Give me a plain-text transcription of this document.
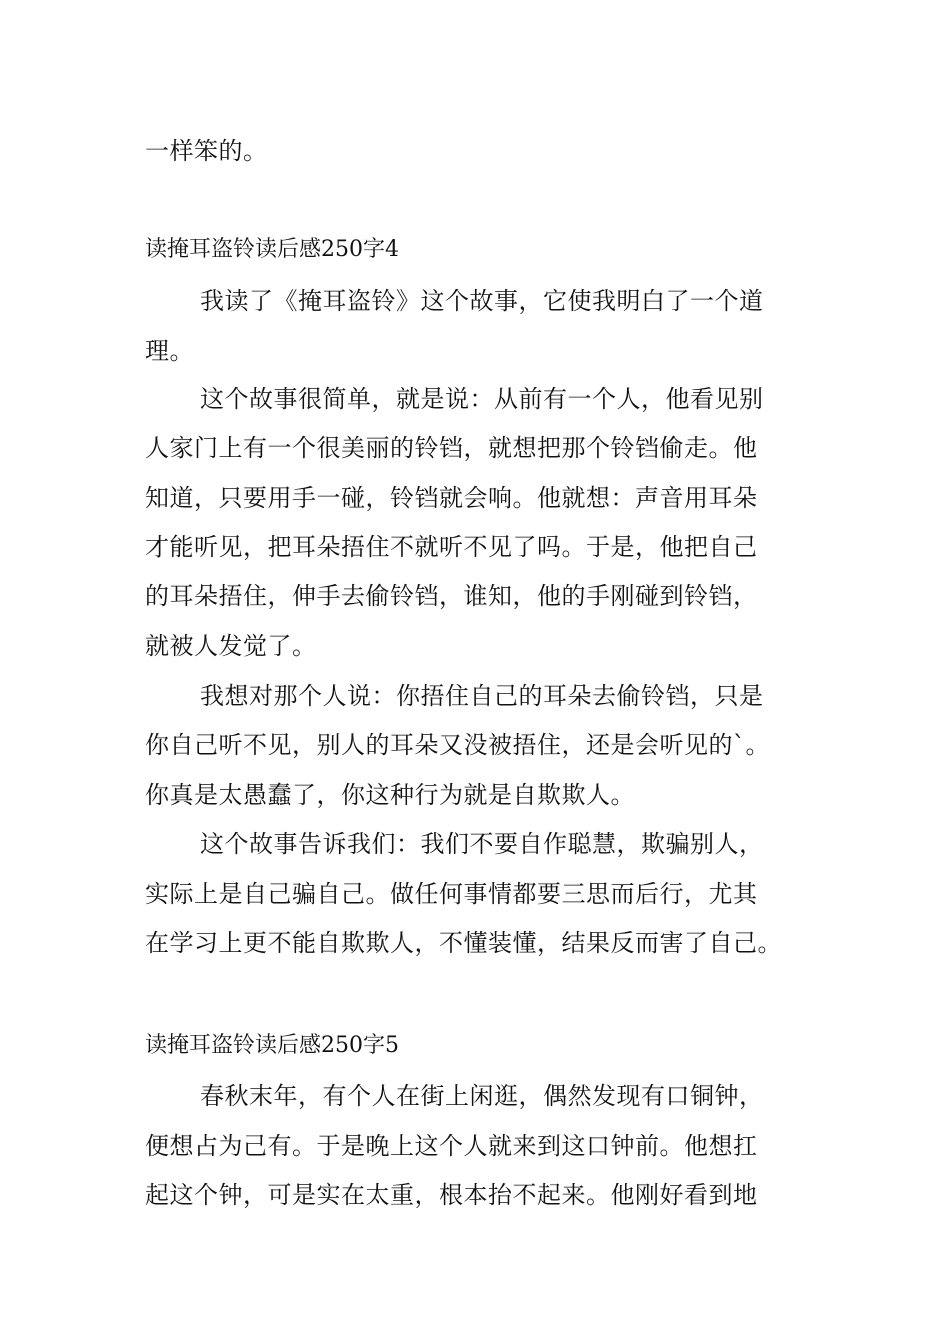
一样笨的。
读掩耳盗铃读后感250字4
我读了《掩耳盗铃》这个故事，它使我明白了一个道
理。
这个故事很简单，就是说：从前有一个人，他看见别
人家门上有一个很美丽的铃铛，就想把那个铃铛偷走。他
知道，只要用手一碰，铃铛就会响。他就想：声音用耳朵
才能听见，把耳朵捂住不就听不见了吗。于是，他把自己
的耳朵捂住，伸手去偷铃铛，谁知，他的手刚碰到铃铛，
就被人发觉了。
我想对那个人说：你捂住自己的耳朵去偷铃铛，只是
你自己听不见，别人的耳朵又没被捂住，还是会听见的`。
你真是太愚蠢了，你这种行为就是自欺欺人。
这个故事告诉我们：我们不要自作聪慧，欺骗别人，
实际上是自己骗自己。做任何事情都要三思而后行，尤其
在学习上更不能自欺欺人，不懂装懂，结果反而害了自己。
读掩耳盗铃读后感250字5
春秋末年，有个人在街上闲逛，偶然发现有口铜钟，
便想占为己有。于是晚上这个人就来到这口钟前。他想扛
起这个钟，可是实在太重，根本抬不起来。他刚好看到地
